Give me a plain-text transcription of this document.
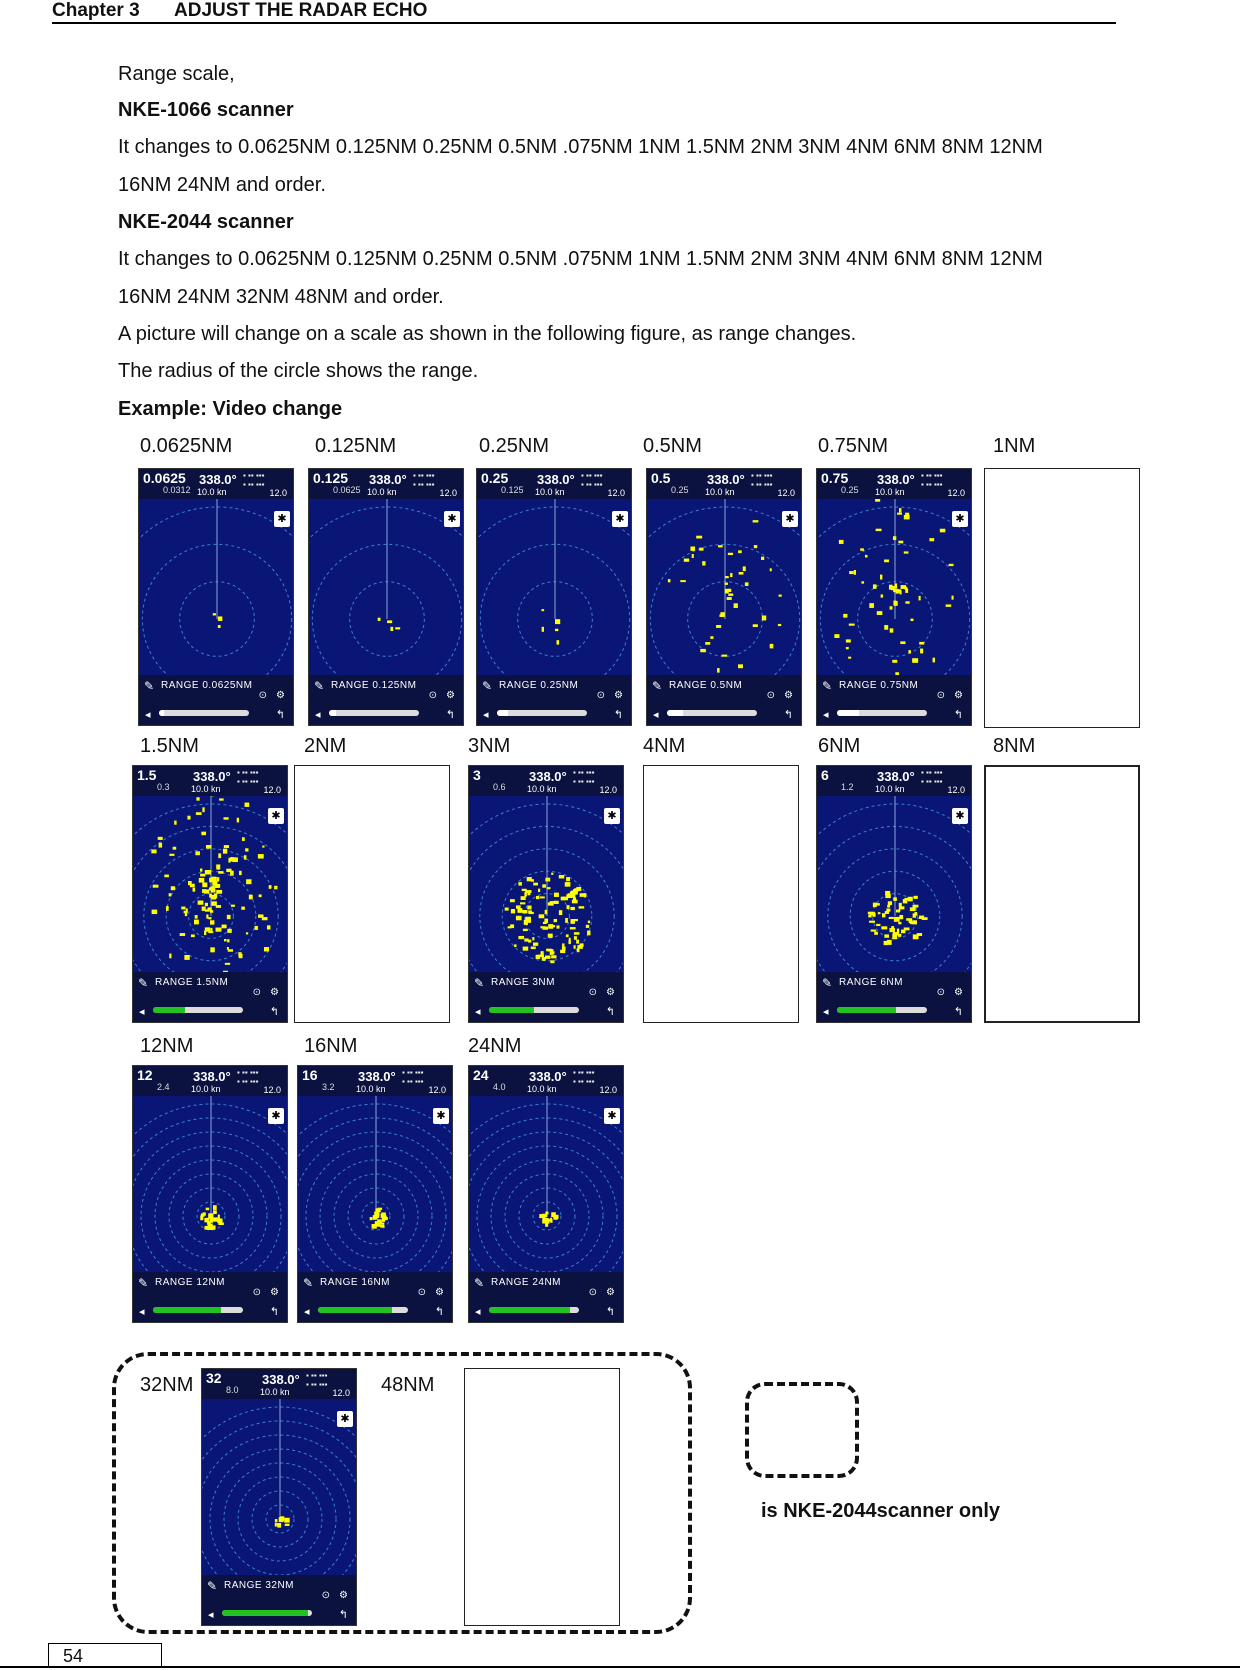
Chapter 3 ADJUST THE RADAR ECHO
Range scale,
NKE-1066 scanner
It changes to 0.0625NM 0.125NM 0.25NM 0.5NM .075NM 1NM 1.5NM 2NM 3NM 4NM 6NM 8NM 12NM
16NM 24NM and order.
NKE-2044 scanner
It changes to 0.0625NM 0.125NM 0.25NM 0.5NM .075NM 1NM 1.5NM 2NM 3NM 4NM 6NM 8NM 12NM
16NM 24NM 32NM 48NM and order.
A picture will change on a scale as shown in the following figure, as range changes.
The radius of the circle shows the range.
Example: Video change
0.0625NM	0.125NM	0.25NM	0.5NM	0.75NM	1NM
1.5NM	2NM	3NM	4NM	6NM	8NM
12NM	16NM	24NM
32NM	48NM
0.0625
0.0312
338.0°
10.0 kn
▪ ▪▪ ▪▪▪
▪ ▪▪ ▪▪▪
12.0
✱
✎ RANGE 0.0625NM
⊙ ⚙
◂	↰
0.125
0.0625
338.0°
10.0 kn
▪ ▪▪ ▪▪▪
▪ ▪▪ ▪▪▪
12.0
✱
✎ RANGE 0.125NM
⊙ ⚙
◂	↰
0.25
0.125
338.0°
10.0 kn
▪ ▪▪ ▪▪▪
▪ ▪▪ ▪▪▪
12.0
✱
✎ RANGE 0.25NM
⊙ ⚙
◂	↰
0.5
0.25
338.0°
10.0 kn
▪ ▪▪ ▪▪▪
▪ ▪▪ ▪▪▪
12.0
✱
✎ RANGE 0.5NM
⊙ ⚙
◂	↰
0.75
0.25
338.0°
10.0 kn
▪ ▪▪ ▪▪▪
▪ ▪▪ ▪▪▪
12.0
✱
✎ RANGE 0.75NM
⊙ ⚙
◂	↰
1.5
0.3
338.0°
10.0 kn
▪ ▪▪ ▪▪▪
▪ ▪▪ ▪▪▪
12.0
✱
✎ RANGE 1.5NM
⊙ ⚙
◂	↰
3
0.6
338.0°
10.0 kn
▪ ▪▪ ▪▪▪
▪ ▪▪ ▪▪▪
12.0
✱
✎ RANGE 3NM
⊙ ⚙
◂	↰
6
1.2
338.0°
10.0 kn
▪ ▪▪ ▪▪▪
▪ ▪▪ ▪▪▪
12.0
✱
✎ RANGE 6NM
⊙ ⚙
◂	↰
12
2.4
338.0°
10.0 kn
▪ ▪▪ ▪▪▪
▪ ▪▪ ▪▪▪
12.0
✱
✎ RANGE 12NM
⊙ ⚙
◂	↰
16
3.2
338.0°
10.0 kn
▪ ▪▪ ▪▪▪
▪ ▪▪ ▪▪▪
12.0
✱
✎ RANGE 16NM
⊙ ⚙
◂	↰
24
4.0
338.0°
10.0 kn
▪ ▪▪ ▪▪▪
▪ ▪▪ ▪▪▪
12.0
✱
✎ RANGE 24NM
⊙ ⚙
◂	↰
32
8.0
338.0°
10.0 kn
▪ ▪▪ ▪▪▪
▪ ▪▪ ▪▪▪
12.0
✱
✎ RANGE 32NM
⊙ ⚙
◂	↰
is NKE-2044scanner only
54
